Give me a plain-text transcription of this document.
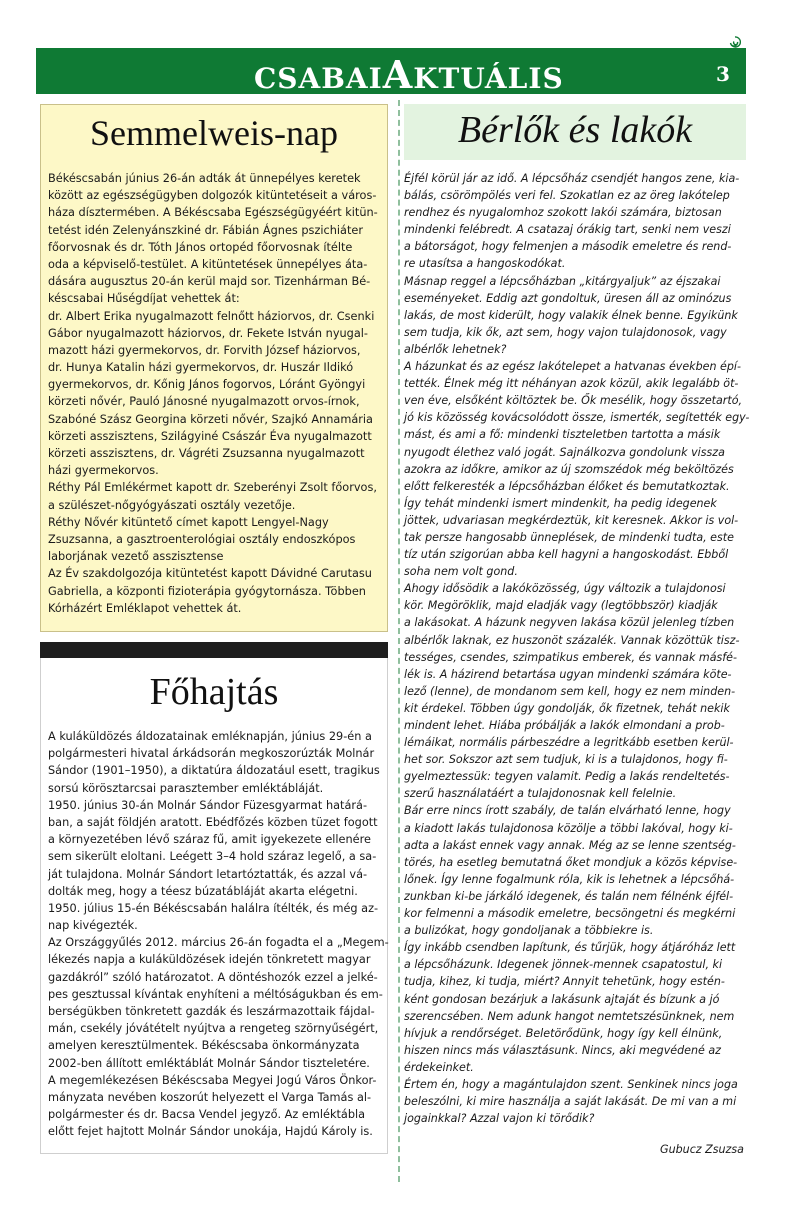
CSABAIAKTUÁLIS	3
Semmelweis-nap
Békéscsabán június 26-án adták át ünnepélyes keretek
között az egészségügyben dolgozók kitüntetéseit a város-
háza dísztermében. A Békéscsaba Egészségügyéért kitün-
tetést idén Zelenyánszkiné dr. Fábián Ágnes pszichiáter
főorvosnak és dr. Tóth János ortopéd főorvosnak ítélte
oda a képviselő-testület. A kitüntetések ünnepélyes áta-
dására augusztus 20-án kerül majd sor. Tizenhárman Bé-
késcsabai Hűségdíjat vehettek át:
dr. Albert Erika nyugalmazott felnőtt háziorvos, dr. Csenki
Gábor nyugalmazott háziorvos, dr. Fekete István nyugal-
mazott házi gyermekorvos, dr. Forvith József háziorvos,
dr. Hunya Katalin házi gyermekorvos, dr. Huszár Ildikó
gyermekorvos, dr. Kőnig János fogorvos, Lóránt Gyöngyi
körzeti nővér, Pauló Jánosné nyugalmazott orvos-írnok,
Szabóné Szász Georgina körzeti nővér, Szajkó Annamária
körzeti asszisztens, Szilágyiné Császár Éva nyugalmazott
körzeti asszisztens, dr. Vágréti Zsuzsanna nyugalmazott
házi gyermekorvos.
Réthy Pál Emlékérmet kapott dr. Szeberényi Zsolt főorvos,
a szülészet-nőgyógyászati osztály vezetője.
Réthy Nővér kitüntető címet kapott Lengyel-Nagy
Zsuzsanna, a gasztroenterológiai osztály endoszkópos
laborjának vezető asszisztense
Az Év szakdolgozója kitüntetést kapott Dávidné Carutasu
Gabriella, a központi fizioterápia gyógytornásza. Többen
Kórházért Emléklapot vehettek át.
Főhajtás
A kuláküldözés áldozatainak emléknapján, június 29-én a
polgármesteri hivatal árkádsorán megkoszorúzták Molnár
Sándor (1901–1950), a diktatúra áldozatául esett, tragikus
sorsú körösztarcsai parasztember emléktábláját.
1950. június 30-án Molnár Sándor Füzesgyarmat határá-
ban, a saját földjén aratott. Ebédfőzés közben tüzet fogott
a környezetében lévő száraz fű, amit igyekezete ellenére
sem sikerült eloltani. Leégett 3–4 hold száraz legelő, a sa-
ját tulajdona. Molnár Sándort letartóztatták, és azzal vá-
dolták meg, hogy a téesz búzatábláját akarta elégetni.
1950. július 15-én Békéscsabán halálra ítélték, és még az-
nap kivégezték.
Az Országgyűlés 2012. március 26-án fogadta el a „Megem-
lékezés napja a kuláküldözések idején tönkretett magyar
gazdákról” szóló határozatot. A döntéshozók ezzel a jelké-
pes gesztussal kívántak enyhíteni a méltóságukban és em-
berségükben tönkretett gazdák és leszármazottaik fájdal-
mán, csekély jóvátételt nyújtva a rengeteg szörnyűségért,
amelyen keresztülmentek. Békéscsaba önkormányzata
2002-ben állított emléktáblát Molnár Sándor tiszteletére.
A megemlékezésen Békéscsaba Megyei Jogú Város Önkor-
mányzata nevében koszorút helyezett el Varga Tamás al-
polgármester és dr. Bacsa Vendel jegyző. Az emléktábla
előtt fejet hajtott Molnár Sándor unokája, Hajdú Károly is.
Bérlők és lakók
Éjfél körül jár az idő. A lépcsőház csendjét hangos zene, kia-
bálás, csörömpölés veri fel. Szokatlan ez az öreg lakótelep
rendhez és nyugalomhoz szokott lakói számára, biztosan
mindenki felébredt. A csatazaj órákig tart, senki nem veszi
a bátorságot, hogy felmenjen a második emeletre és rend-
re utasítsa a hangoskodókat.
Másnap reggel a lépcsőházban „kitárgyaljuk” az éjszakai
eseményeket. Eddig azt gondoltuk, üresen áll az ominózus
lakás, de most kiderült, hogy valakik élnek benne. Egyikünk
sem tudja, kik ők, azt sem, hogy vajon tulajdonosok, vagy
albérlők lehetnek?
A házunkat és az egész lakótelepet a hatvanas években épí-
tették. Élnek még itt néhányan azok közül, akik legalább öt-
ven éve, elsőként költöztek be. Ők mesélik, hogy összetartó,
jó kis közösség kovácsolódott össze, ismerték, segítették egy-
mást, és ami a fő: mindenki tiszteletben tartotta a másik
nyugodt élethez való jogát. Sajnálkozva gondolunk vissza
azokra az időkre, amikor az új szomszédok még beköltözés
előtt felkeresték a lépcsőházban élőket és bemutatkoztak.
Így tehát mindenki ismert mindenkit, ha pedig idegenek
jöttek, udvariasan megkérdeztük, kit keresnek. Akkor is vol-
tak persze hangosabb ünneplések, de mindenki tudta, este
tíz után szigorúan abba kell hagyni a hangoskodást. Ebből
soha nem volt gond.
Ahogy idősödik a lakóközösség, úgy változik a tulajdonosi
kör. Megöröklik, majd eladják vagy (legtöbbször) kiadják
a lakásokat. A házunk negyven lakása közül jelenleg tízben
albérlők laknak, ez huszonöt százalék. Vannak közöttük tisz-
tességes, csendes, szimpatikus emberek, és vannak másfé-
lék is. A házirend betartása ugyan mindenki számára köte-
lező (lenne), de mondanom sem kell, hogy ez nem minden-
kit érdekel. Többen úgy gondolják, ők fizetnek, tehát nekik
mindent lehet. Hiába próbálják a lakók elmondani a prob-
lémáikat, normális párbeszédre a legritkább esetben kerül-
het sor. Sokszor azt sem tudjuk, ki is a tulajdonos, hogy fi-
gyelmeztessük: tegyen valamit. Pedig a lakás rendeltetés-
szerű használatáért a tulajdonosnak kell felelnie.
Bár erre nincs írott szabály, de talán elvárható lenne, hogy
a kiadott lakás tulajdonosa közölje a többi lakóval, hogy ki-
adta a lakást ennek vagy annak. Még az se lenne szentség-
törés, ha esetleg bemutatná őket mondjuk a közös képvise-
lőnek. Így lenne fogalmunk róla, kik is lehetnek a lépcsőhá-
zunkban ki-be járkáló idegenek, és talán nem félnénk éjfél-
kor felmenni a második emeletre, becsöngetni és megkérni
a bulizókat, hogy gondoljanak a többiekre is.
Így inkább csendben lapítunk, és tűrjük, hogy átjáróház lett
a lépcsőházunk. Idegenek jönnek-mennek csapatostul, ki
tudja, kihez, ki tudja, miért? Annyit tehetünk, hogy estén-
ként gondosan bezárjuk a lakásunk ajtaját és bízunk a jó
szerencsében. Nem adunk hangot nemtetszésünknek, nem
hívjuk a rendőrséget. Beletörődünk, hogy így kell élnünk,
hiszen nincs más választásunk. Nincs, aki megvédené az
érdekeinket.
Értem én, hogy a magántulajdon szent. Senkinek nincs joga
beleszólni, ki mire használja a saját lakását. De mi van a mi
jogainkkal? Azzal vajon ki törődik?
Gubucz Zsuzsa
